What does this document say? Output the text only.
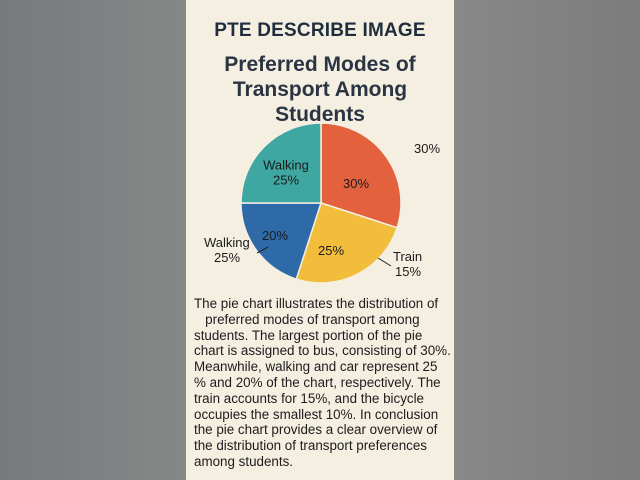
PTE DESCRIBE IMAGE
Preferred Modes of
Transport Among
Students
30%
30%
25%	Train
15%
20%
Walking
25%
Walking
25%
The pie chart illustrates the distribution of
preferred modes of transport among
students. The largest portion of the pie
chart is assigned to bus, consisting of 30%.
Meanwhile, walking and car represent 25
% and 20% of the chart, respectively. The
train accounts for 15%, and the bicycle
occupies the smallest 10%. In conclusion
the pie chart provides a clear overview of
the distribution of transport preferences
among students.
